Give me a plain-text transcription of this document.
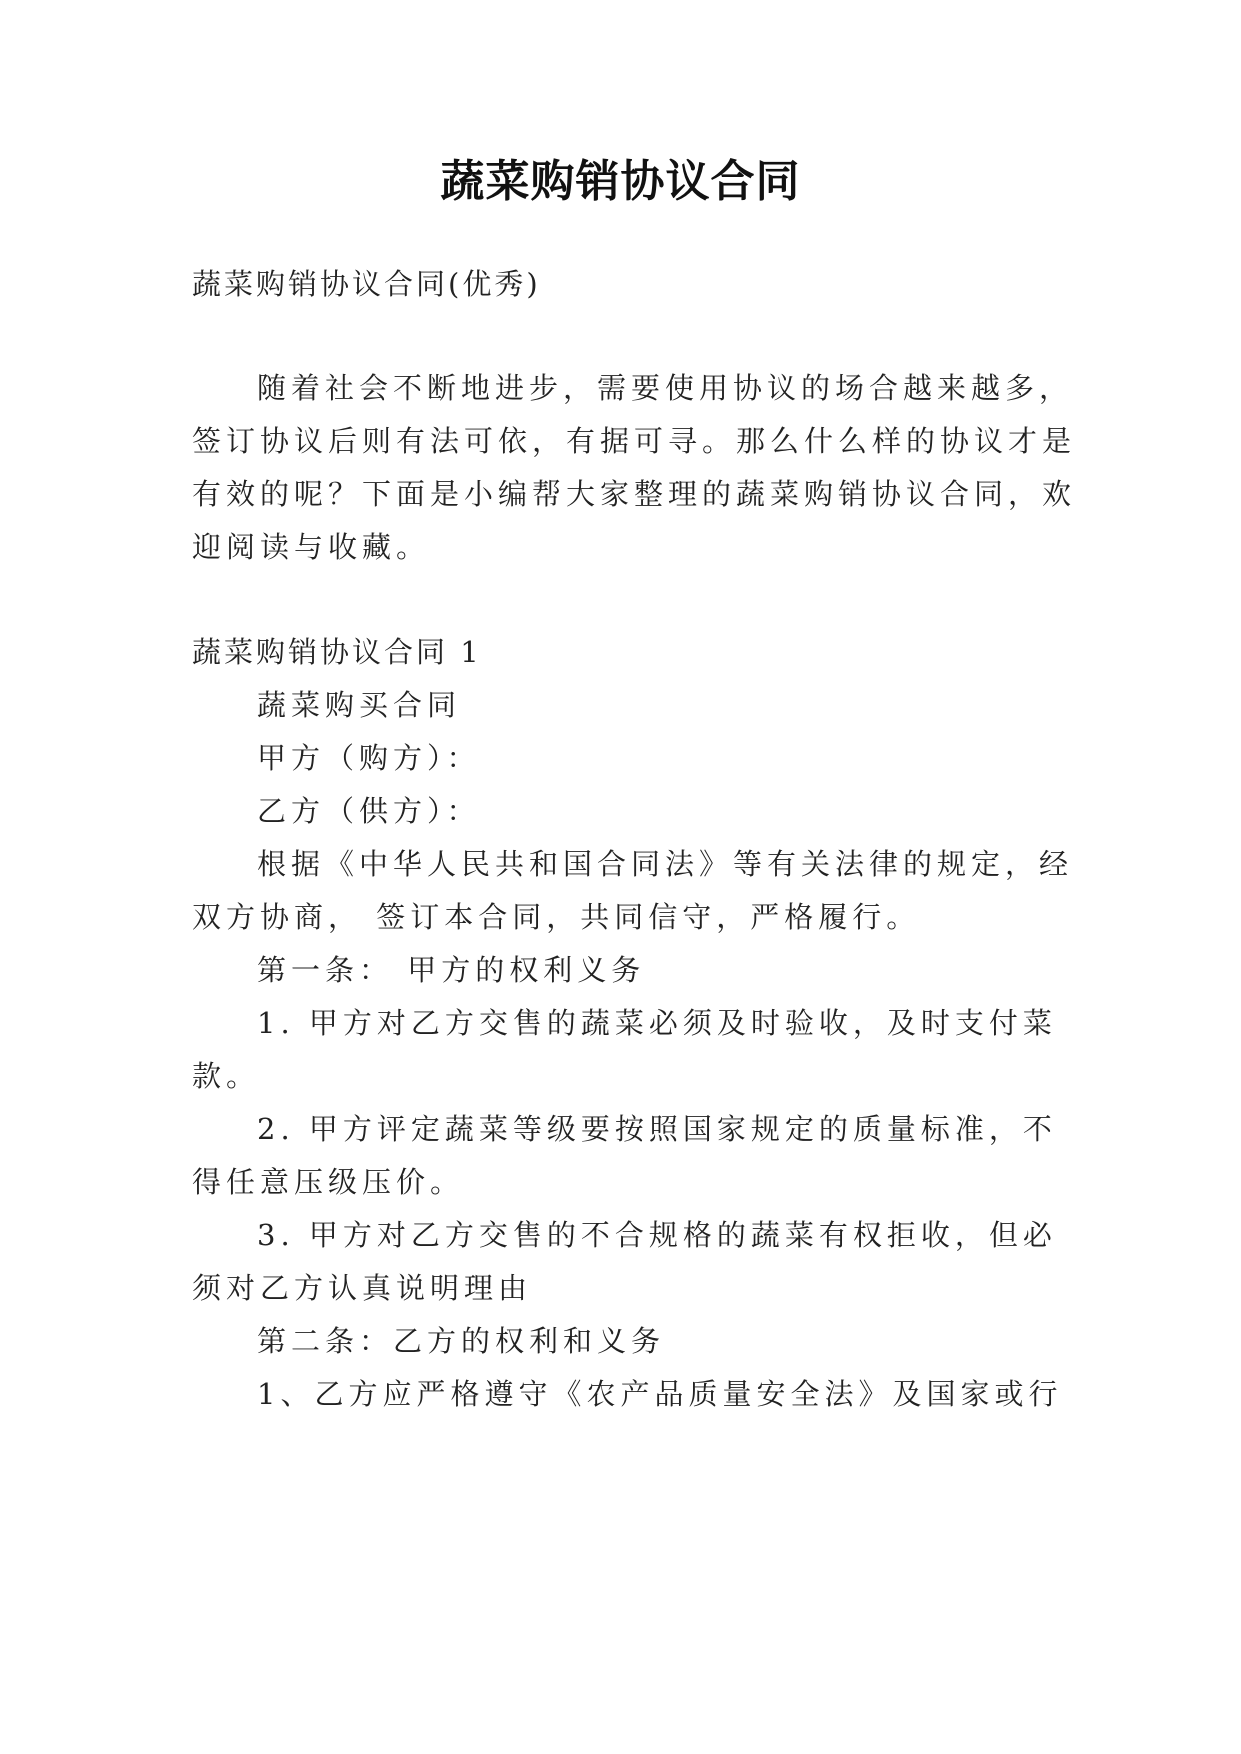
蔬菜购销协议合同
蔬菜购销协议合同(优秀)
随着社会不断地进步，需要使用协议的场合越来越多，
签订协议后则有法可依，有据可寻。那么什么样的协议才是
有效的呢？下面是小编帮大家整理的蔬菜购销协议合同，欢
迎阅读与收藏。
蔬菜购销协议合同 1
蔬菜购买合同
甲方（购方）：
乙方（供方）：
根据《中华人民共和国合同法》等有关法律的规定，经
双方协商， 签订本合同，共同信守，严格履行。
第一条： 甲方的权利义务
1. 甲方对乙方交售的蔬菜必须及时验收，及时支付菜
款。
2. 甲方评定蔬菜等级要按照国家规定的质量标准，不
得任意压级压价。
3. 甲方对乙方交售的不合规格的蔬菜有权拒收，但必
须对乙方认真说明理由
第二条：乙方的权利和义务
1、乙方应严格遵守《农产品质量安全法》及国家或行
